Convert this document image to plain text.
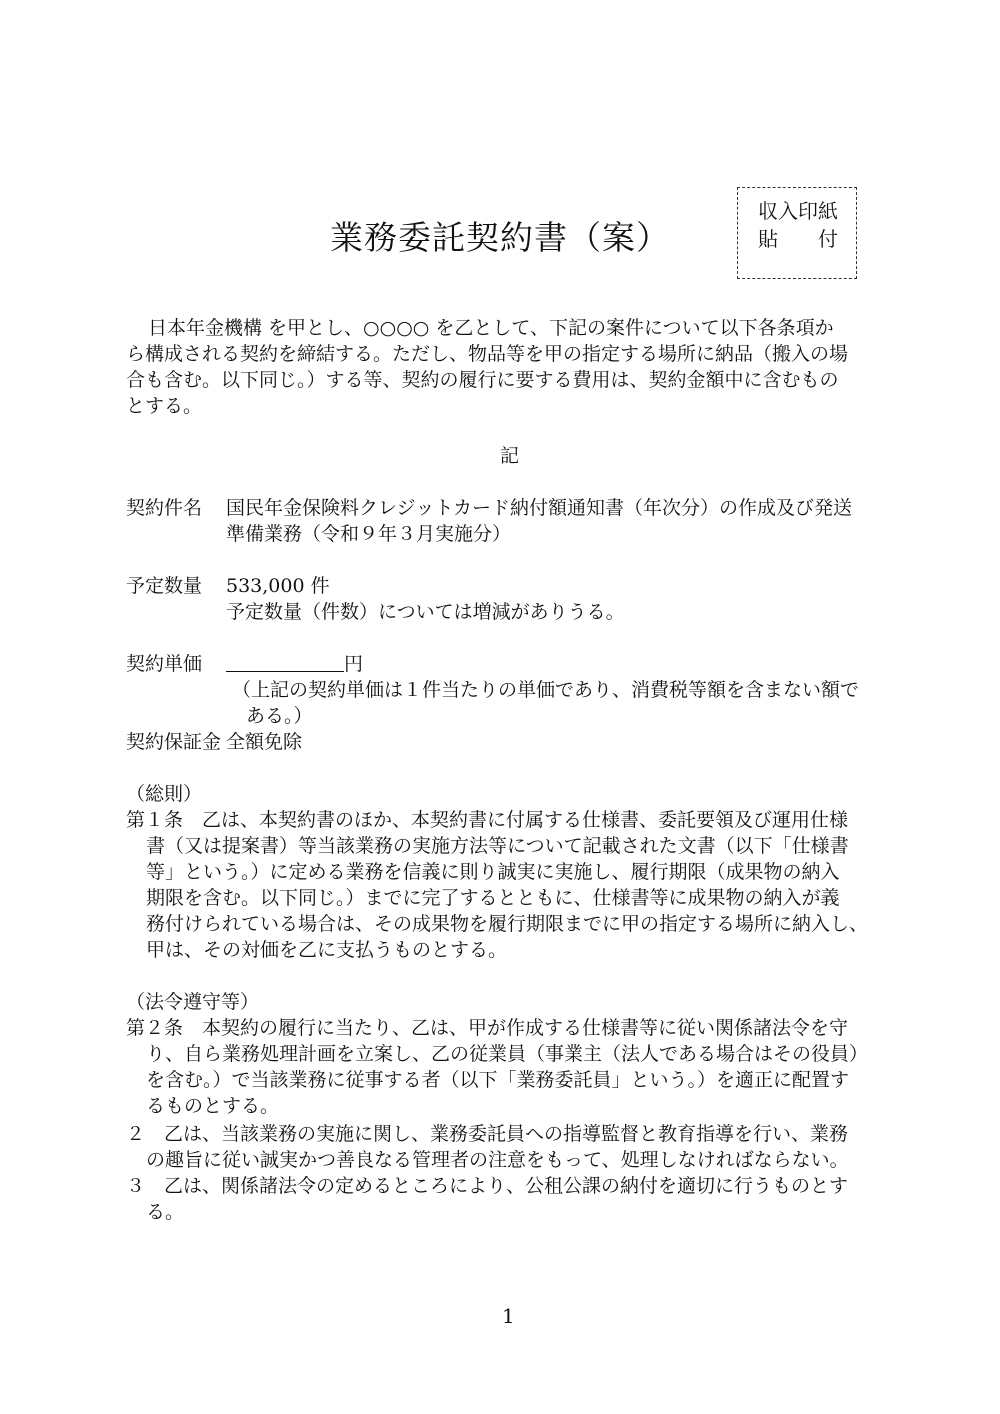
収入印紙
貼 付
業務委託契約書（案）
日本年金機構 を甲とし、○○○○ を乙として、下記の案件について以下各条項か
ら構成される契約を締結する。ただし、物品等を甲の指定する場所に納品（搬入の場
合も含む。以下同じ。）する等、契約の履行に要する費用は、契約金額中に含むもの
とする。
記
契約件名 国民年金保険料クレジットカード納付額通知書（年次分）の作成及び発送
準備業務（令和９年３月実施分）
予定数量 533,000 件
予定数量（件数）については増減がありうる。
契約単価	円
（上記の契約単価は１件当たりの単価であり、消費税等額を含まない額で
ある。）
契約保証金 全額免除
（総則）
第１条　乙は、本契約書のほか、本契約書に付属する仕様書、委託要領及び運用仕様
書（又は提案書）等当該業務の実施方法等について記載された文書（以下「仕様書
等」という。）に定める業務を信義に則り誠実に実施し、履行期限（成果物の納入
期限を含む。以下同じ。）までに完了するとともに、仕様書等に成果物の納入が義
務付けられている場合は、その成果物を履行期限までに甲の指定する場所に納入し、
甲は、その対価を乙に支払うものとする。
（法令遵守等）
第２条　本契約の履行に当たり、乙は、甲が作成する仕様書等に従い関係諸法令を守
り、自ら業務処理計画を立案し、乙の従業員（事業主（法人である場合はその役員）
を含む。）で当該業務に従事する者（以下「業務委託員」という。）を適正に配置す
るものとする。
２　乙は、当該業務の実施に関し、業務委託員への指導監督と教育指導を行い、業務
の趣旨に従い誠実かつ善良なる管理者の注意をもって、処理しなければならない。
３　乙は、関係諸法令の定めるところにより、公租公課の納付を適切に行うものとす
る。
1
